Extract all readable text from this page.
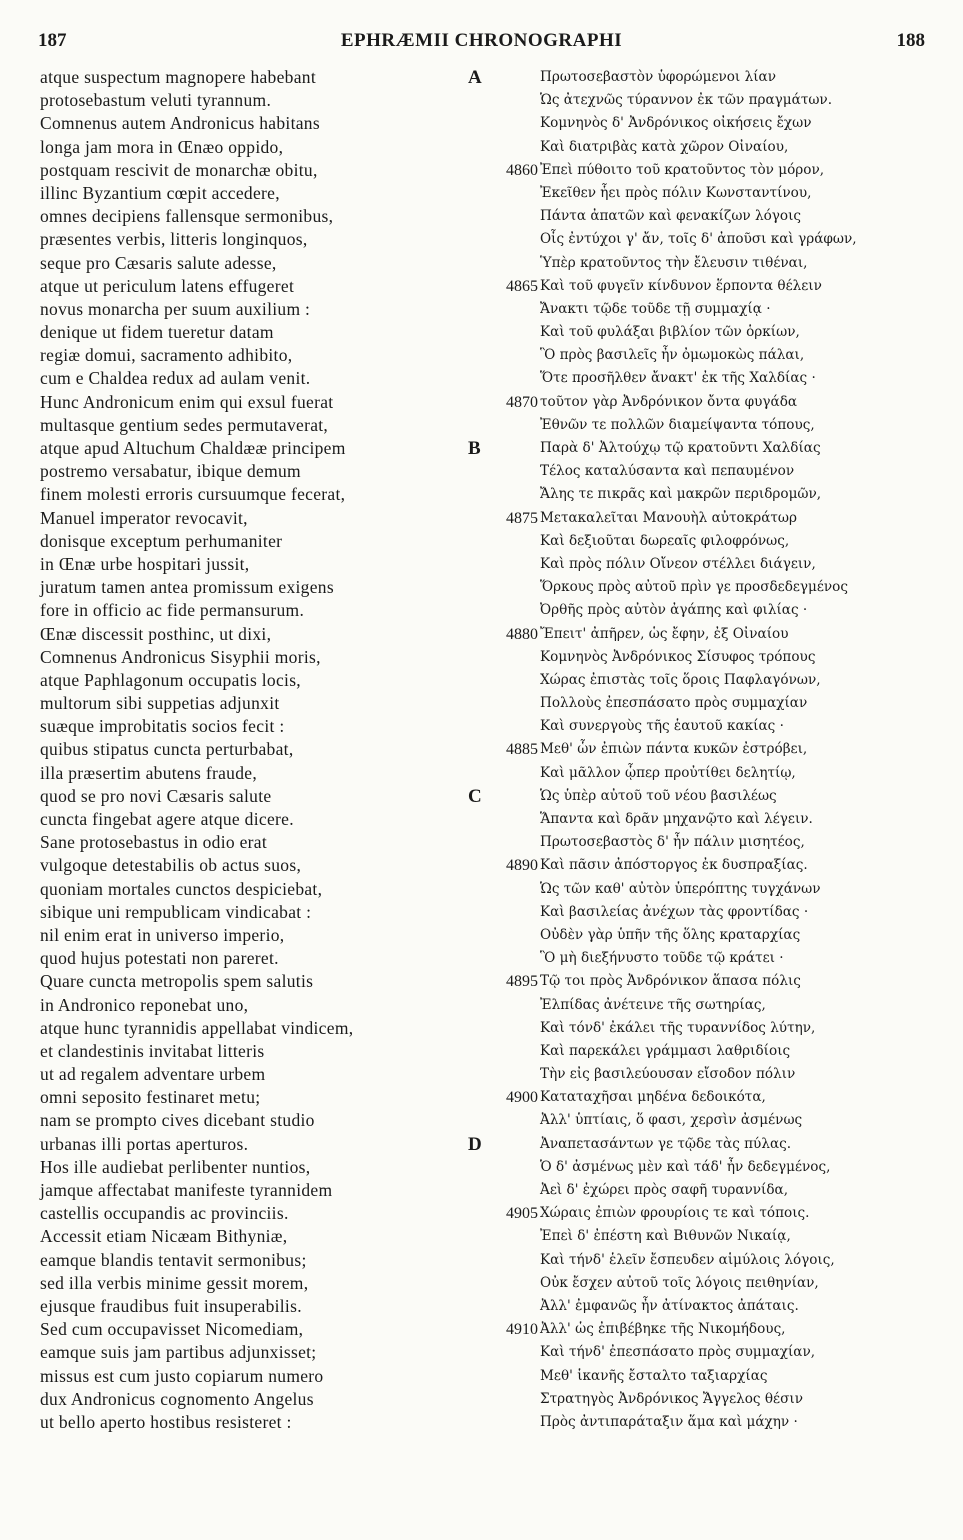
187	EPHRÆMII CHRONOGRAPHI	188
atque suspectum magnopere habebant
protosebastum veluti tyrannum.
Comnenus autem Andronicus habitans
longa jam mora in Œnæo oppido,
postquam rescivit de monarchæ obitu,
illinc Byzantium cœpit accedere,
omnes decipiens fallensque sermonibus,
præsentes verbis, litteris longinquos,
seque pro Cæsaris salute adesse,
atque ut periculum latens effugeret
novus monarcha per suum auxilium :
denique ut fidem tueretur datam
regiæ domui, sacramento adhibito,
cum e Chaldea redux ad aulam venit.
Hunc Andronicum enim qui exsul fuerat
multasque gentium sedes permutaverat,
atque apud Altuchum Chaldææ principem
postremo versabatur, ibique demum
finem molesti erroris cursuumque fecerat,
Manuel imperator revocavit,
donisque exceptum perhumaniter
in Œnæ urbe hospitari jussit,
juratum tamen antea promissum exigens
fore in officio ac fide permansurum.
Œnæ discessit posthinc, ut dixi,
Comnenus Andronicus Sisyphii moris,
atque Paphlagonum occupatis locis,
multorum sibi suppetias adjunxit
suæque improbitatis socios fecit :
quibus stipatus cuncta perturbabat,
illa præsertim abutens fraude,
quod se pro novi Cæsaris salute
cuncta fingebat agere atque dicere.
Sane protosebastus in odio erat
vulgoque detestabilis ob actus suos,
quoniam mortales cunctos despiciebat,
sibique uni rempublicam vindicabat :
nil enim erat in universo imperio,
quod hujus potestati non pareret.
Quare cuncta metropolis spem salutis
in Andronico reponebat uno,
atque hunc tyrannidis appellabat vindicem,
et clandestinis invitabat litteris
ut ad regalem adventare urbem
omni seposito festinaret metu;
nam se prompto cives dicebant studio
urbanas illi portas aperturos.
Hos ille audiebat perlibenter nuntios,
jamque affectabat manifeste tyrannidem
castellis occupandis ac provinciis.
Accessit etiam Nicæam Bithyniæ,
eamque blandis tentavit sermonibus;
sed illa verbis minime gessit morem,
ejusque fraudibus fuit insuperabilis.
Sed cum occupavisset Nicomediam,
eamque suis jam partibus adjunxisset;
missus est cum justo copiarum numero
dux Andronicus cognomento Angelus
ut bello aperto hostibus resisteret :
A	Πρωτοσεβαστὸν ὑφορώμενοι λίαν
Ὡς ἀτεχνῶς τύραννον ἐκ τῶν πραγμάτων.
Κομνηνὸς δ' Ἀνδρόνικος οἰκήσεις ἔχων
Καὶ διατριβὰς κατὰ χῶρον Οἰναίου,
4860 Ἐπεὶ πύθοιτο τοῦ κρατοῦντος τὸν μόρον,
Ἐκεῖθεν ἧει πρὸς πόλιν Κωνσταντίνου,
Πάντα ἀπατῶν καὶ φενακίζων λόγοις
Οἷς ἐντύχοι γ' ἄν, τοῖς δ' ἀποῦσι καὶ γράφων,
Ὑπὲρ κρατοῦντος τὴν ἔλευσιν τιθέναι,
4865 Καὶ τοῦ φυγεῖν κίνδυνον ἕρποντα θέλειν
Ἄνακτι τῷδε τοῦδε τῇ συμμαχίᾳ ·
Καὶ τοῦ φυλάξαι βιβλίον τῶν ὁρκίων,
Ὃ πρὸς βασιλεῖς ἦν ὀμωμοκὼς πάλαι,
Ὅτε προσῆλθεν ἄνακτ' ἐκ τῆς Χαλδίας ·
4870 τοῦτον γὰρ Ἀνδρόνικον ὄντα φυγάδα
Ἐθνῶν τε πολλῶν διαμείψαντα τόπους,
B	Παρὰ δ' Ἀλτούχῳ τῷ κρατοῦντι Χαλδίας
Τέλος καταλύσαντα καὶ πεπαυμένον
Ἄλης τε πικρᾶς καὶ μακρῶν περιδρομῶν,
4875 Μετακαλεῖται Μανουὴλ αὐτοκράτωρ
Καὶ δεξιοῦται δωρεαῖς φιλοφρόνως,
Καὶ πρὸς πόλιν Οἴνεον στέλλει διάγειν,
Ὅρκους πρὸς αὐτοῦ πρὶν γε προσδεδεγμένος
Ὀρθῆς πρὸς αὐτὸν ἀγάπης καὶ φιλίας ·
4880 Ἔπειτ' ἀπῆρεν, ὡς ἔφην, ἐξ Οἰναίου
Κομνηνὸς Ἀνδρόνικος Σίσυφος τρόπους
Χώρας ἐπιστὰς τοῖς ὅροις Παφλαγόνων,
Πολλοὺς ἐπεσπάσατο πρὸς συμμαχίαν
Καὶ συνεργοὺς τῆς ἑαυτοῦ κακίας ·
4885 Μεθ' ὧν ἐπιὼν πάντα κυκῶν ἐστρόβει,
Καὶ μᾶλλον ᾧπερ προὐτίθει δελητίῳ,
C	Ὡς ὑπὲρ αὐτοῦ τοῦ νέου βασιλέως
Ἅπαντα καὶ δρᾶν μηχανῷτο καὶ λέγειν.
Πρωτοσεβαστὸς δ' ἦν πάλιν μισητέος,
4890 Καὶ πᾶσιν ἀπόστοργος ἐκ δυσπραξίας.
Ὡς τῶν καθ' αὐτὸν ὑπερόπτης τυγχάνων
Καὶ βασιλείας ἀνέχων τὰς φροντίδας ·
Οὐδὲν γὰρ ὑπῆν τῆς ὅλης κραταρχίας
Ὃ μὴ διεξήνυστο τοῦδε τῷ κράτει ·
4895 Τῷ τοι πρὸς Ἀνδρόνικον ἅπασα πόλις
Ἐλπίδας ἀνέτεινε τῆς σωτηρίας,
Καὶ τόνδ' ἐκάλει τῆς τυραννίδος λύτην,
Καὶ παρεκάλει γράμμασι λαθριδίοις
Τὴν εἰς βασιλεύουσαν εἴσοδον πόλιν
4900 Καταταχῆσαι μηδένα δεδοικότα,
Ἀλλ' ὑπτίαις, ὅ φασι, χερσὶν ἀσμένως
D	Ἀναπετασάντων γε τῷδε τὰς πύλας.
Ὁ δ' ἀσμένως μὲν καὶ τάδ' ἦν δεδεγμένος,
Ἀεὶ δ' ἐχώρει πρὸς σαφῆ τυραννίδα,
4905 Χώραις ἐπιὼν φρουρίοις τε καὶ τόποις.
Ἐπεὶ δ' ἐπέστη καὶ Βιθυνῶν Νικαίᾳ,
Καὶ τήνδ' ἑλεῖν ἔσπευδεν αἱμύλοις λόγοις,
Οὐκ ἔσχεν αὐτοῦ τοῖς λόγοις πειθηνίαν,
Ἀλλ' ἐμφανῶς ἦν ἀτίνακτος ἀπάταις.
4910 Ἀλλ' ὡς ἐπιβέβηκε τῆς Νικομήδους,
Καὶ τήνδ' ἐπεσπάσατο πρὸς συμμαχίαν,
Μεθ' ἱκανῆς ἔσταλτο ταξιαρχίας
Στρατηγὸς Ἀνδρόνικος Ἄγγελος θέσιν
Πρὸς ἀντιπαράταξιν ἅμα καὶ μάχην ·
